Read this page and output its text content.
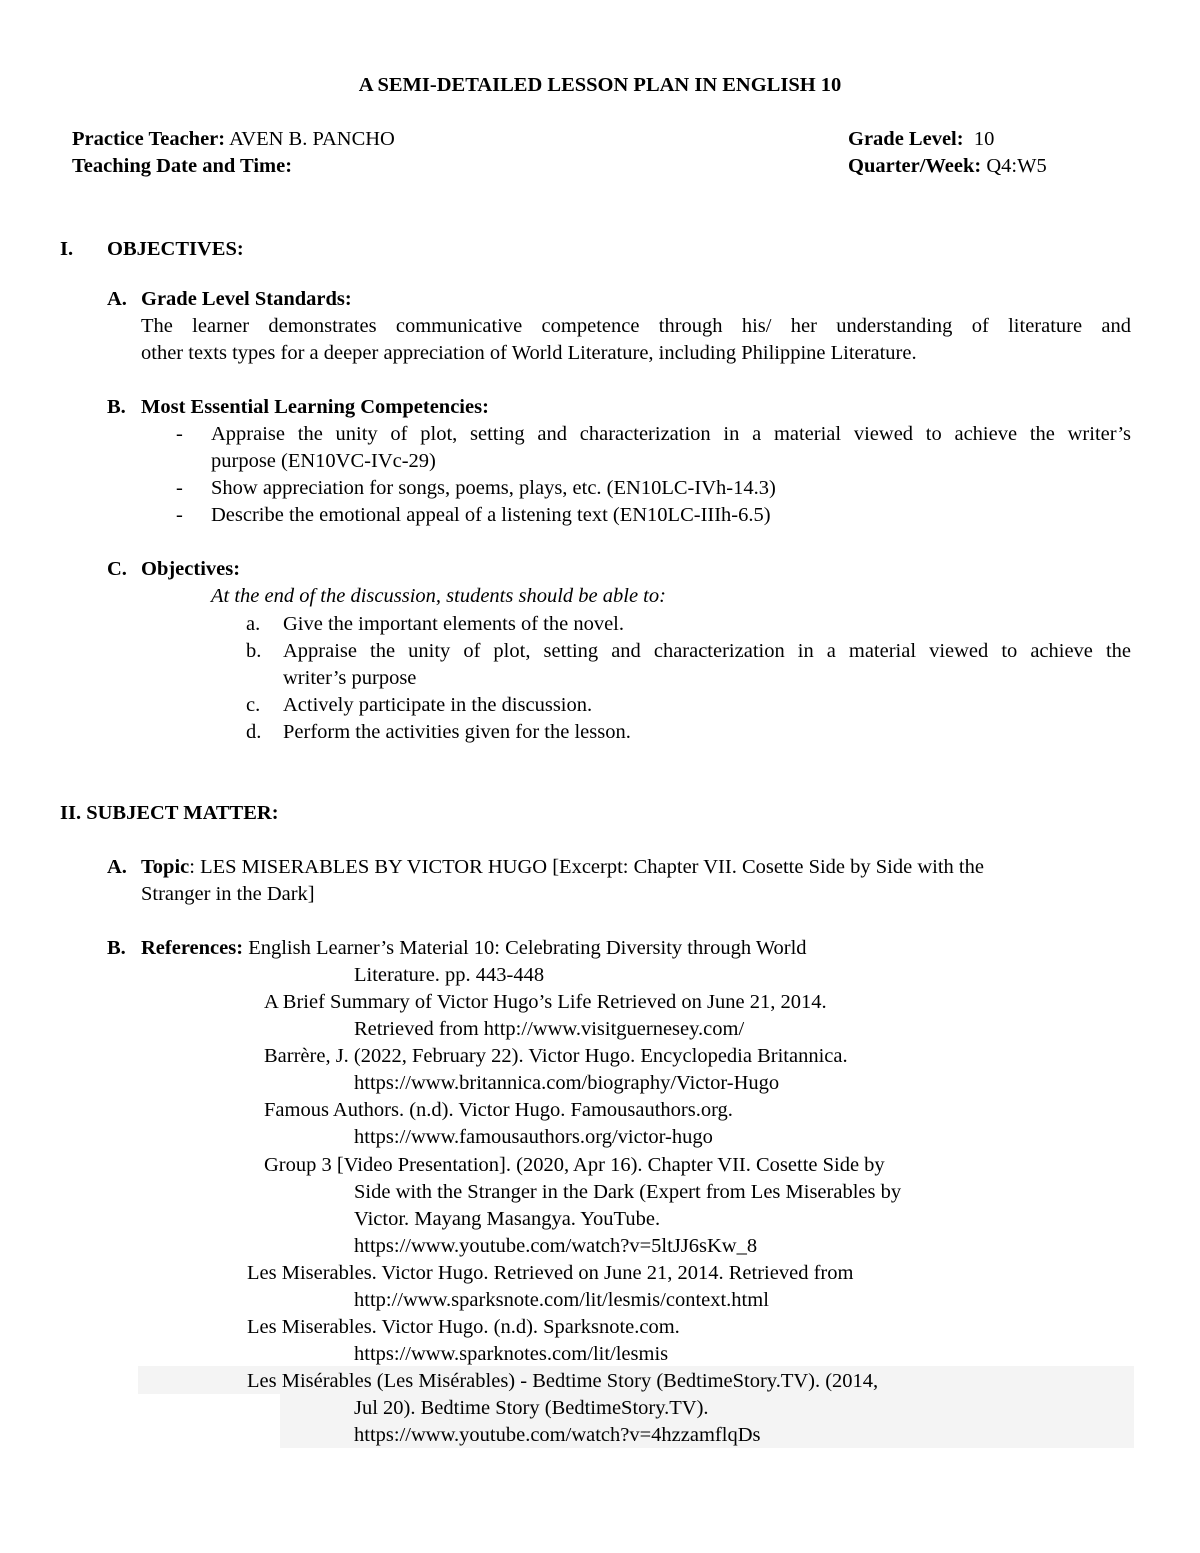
A SEMI-DETAILED LESSON PLAN IN ENGLISH 10

Practice Teacher: AVEN B. PANCHO

Teaching Date and Time:

Grade Level:  10

Quarter/Week: Q4:W5

I. OBJECTIVES:

A. Grade Level Standards:

The learner demonstrates communicative competence through his/ her understanding of literature and

other texts types for a deeper appreciation of World Literature, including Philippine Literature.

B. Most Essential Learning Competencies:

- Appraise the unity of plot, setting and characterization in a material viewed to achieve the writer’s

purpose (EN10VC-IVc-29)

- Show appreciation for songs, poems, plays, etc. (EN10LC-IVh-14.3)

- Describe the emotional appeal of a listening text (EN10LC-IIIh-6.5)

C. Objectives:

At the end of the discussion, students should be able to:

a. Give the important elements of the novel.

b. Appraise the unity of plot, setting and characterization in a material viewed to achieve the

writer’s purpose

c. Actively participate in the discussion.

d. Perform the activities given for the lesson.

II. SUBJECT MATTER:

A. Topic: LES MISERABLES BY VICTOR HUGO [Excerpt: Chapter VII. Cosette Side by Side with the

Stranger in the Dark]

B. References: English Learner’s Material 10: Celebrating Diversity through World

Literature. pp. 443-448

A Brief Summary of Victor Hugo’s Life Retrieved on June 21, 2014.

Retrieved from http://www.visitguernesey.com/

Barrère, J. (2022, February 22). Victor Hugo. Encyclopedia Britannica.

https://www.britannica.com/biography/Victor-Hugo

Famous Authors. (n.d). Victor Hugo. Famousauthors.org.

https://www.famousauthors.org/victor-hugo

Group 3 [Video Presentation]. (2020, Apr 16). Chapter VII. Cosette Side by

Side with the Stranger in the Dark (Expert from Les Miserables by

Victor. Mayang Masangya. YouTube.

https://www.youtube.com/watch?v=5ltJJ6sKw_8

Les Miserables. Victor Hugo. Retrieved on June 21, 2014. Retrieved from

http://www.sparksnote.com/lit/lesmis/context.html

Les Miserables. Victor Hugo. (n.d). Sparksnote.com.

https://www.sparknotes.com/lit/lesmis

Les Misérables (Les Misérables) - Bedtime Story (BedtimeStory.TV). (2014,

Jul 20). Bedtime Story (BedtimeStory.TV).

https://www.youtube.com/watch?v=4hzzamflqDs
